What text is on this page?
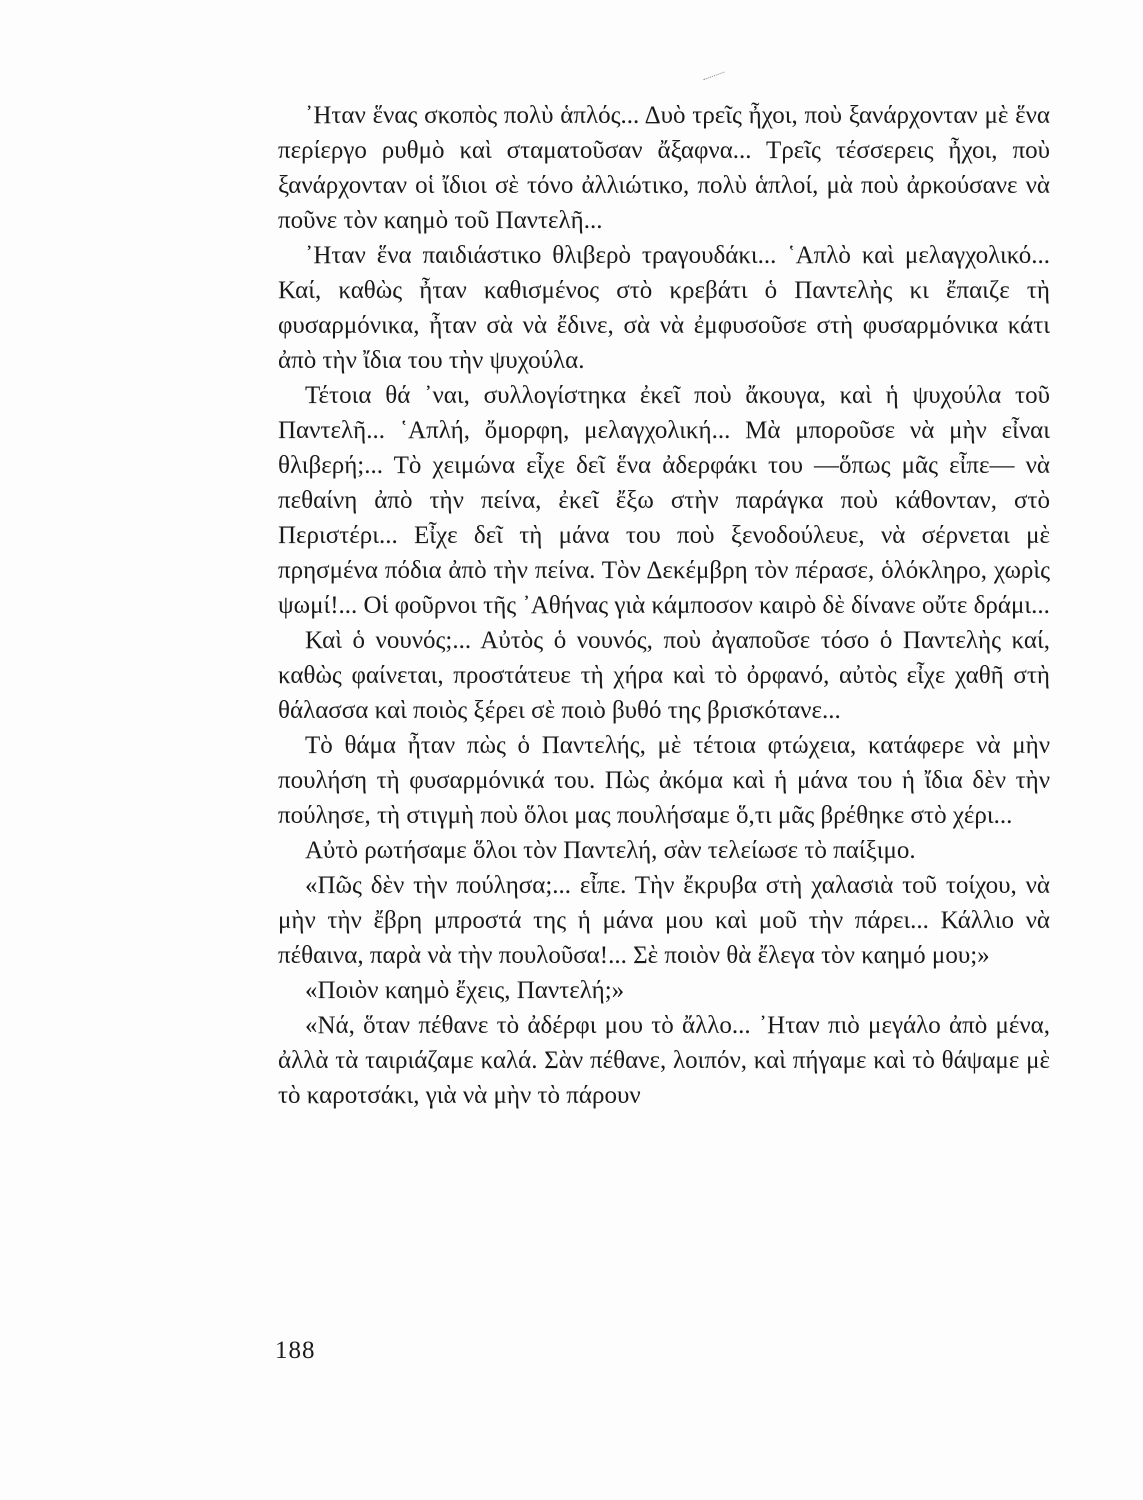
᾿Ηταν ἕνας σκοπὸς πολὺ ἁπλός... Δυὸ τρεῖς ἦχοι, ποὺ ξανάρχονταν μὲ ἕνα περίεργο ρυθμὸ καὶ σταματοῦσαν ἄξαφνα... Τρεῖς τέσσερεις ἦχοι, ποὺ ξανάρχονταν οἱ ἴδιοι σὲ τόνο ἀλλιώτικο, πολὺ ἁπλοί, μὰ ποὺ ἀρκούσανε νὰ ποῦνε τὸν καημὸ τοῦ Παντελῆ...

᾿Ηταν ἕνα παιδιάστικο θλιβερὸ τραγουδάκι... ῾Απλὸ καὶ μελαγχολικό... Καί, καθὼς ἦταν καθισμένος στὸ κρεβάτι ὁ Παντελὴς κι ἔπαιζε τὴ φυσαρμόνικα, ἦταν σὰ νὰ ἔδινε, σὰ νὰ ἐμφυσοῦσε στὴ φυσαρμόνικα κάτι ἀπὸ τὴν ἴδια του τὴν ψυχούλα.

Τέτοια θά ᾽ναι, συλλογίστηκα ἐκεῖ ποὺ ἄκουγα, καὶ ἡ ψυχούλα τοῦ Παντελῆ... ῾Απλή, ὄμορφη, μελαγχολική... Μὰ μποροῦσε νὰ μὴν εἶναι θλιβερή;... Τὸ χειμώνα εἶχε δεῖ ἕνα ἀδερφάκι του —ὅπως μᾶς εἶπε— νὰ πεθαίνη ἀπὸ τὴν πείνα, ἐκεῖ ἔξω στὴν παράγκα ποὺ κάθονταν, στὸ Περιστέρι... Εἶχε δεῖ τὴ μάνα του ποὺ ξενοδούλευε, νὰ σέρνεται μὲ πρησμένα πόδια ἀπὸ τὴν πείνα. Τὸν Δεκέμβρη τὸν πέρασε, ὁλόκληρο, χωρὶς ψωμί!... Οἱ φοῦρνοι τῆς ᾽Αθήνας γιὰ κάμποσον καιρὸ δὲ δίνανε οὔτε δράμι...

Καὶ ὁ νουνός;... Αὐτὸς ὁ νουνός, ποὺ ἀγαποῦσε τόσο ὁ Παντελὴς καί, καθὼς φαίνεται, προστάτευε τὴ χήρα καὶ τὸ ὀρφανό, αὐτὸς εἶχε χαθῆ στὴ θάλασσα καὶ ποιὸς ξέρει σὲ ποιὸ βυθό της βρισκότανε...

Τὸ θάμα ἦταν πὼς ὁ Παντελής, μὲ τέτοια φτώχεια, κατάφερε νὰ μὴν πουλήση τὴ φυσαρμόνικά του. Πὼς ἀκόμα καὶ ἡ μάνα του ἡ ἴδια δὲν τὴν πούλησε, τὴ στιγμὴ ποὺ ὅλοι μας πουλήσαμε ὅ,τι μᾶς βρέθηκε στὸ χέρι...

Αὐτὸ ρωτήσαμε ὅλοι τὸν Παντελή, σὰν τελείωσε τὸ παίξιμο.

«Πῶς δὲν τὴν πούλησα;... εἶπε. Τὴν ἔκρυβα στὴ χαλασιὰ τοῦ τοίχου, νὰ μὴν τὴν ἔβρη μπροστά της ἡ μάνα μου καὶ μοῦ τὴν πάρει... Κάλλιο νὰ πέθαινα, παρὰ νὰ τὴν πουλοῦσα!... Σὲ ποιὸν θὰ ἔλεγα τὸν καημό μου;»

«Ποιὸν καημὸ ἔχεις, Παντελή;»

«Νά, ὅταν πέθανε τὸ ἀδέρφι μου τὸ ἄλλο... ᾿Ηταν πιὸ μεγάλο ἀπὸ μένα, ἀλλὰ τὰ ταιριάζαμε καλά. Σὰν πέθανε, λοιπόν, καὶ πήγαμε καὶ τὸ θάψαμε μὲ τὸ καροτσάκι, γιὰ νὰ μὴν τὸ πάρουν

188
